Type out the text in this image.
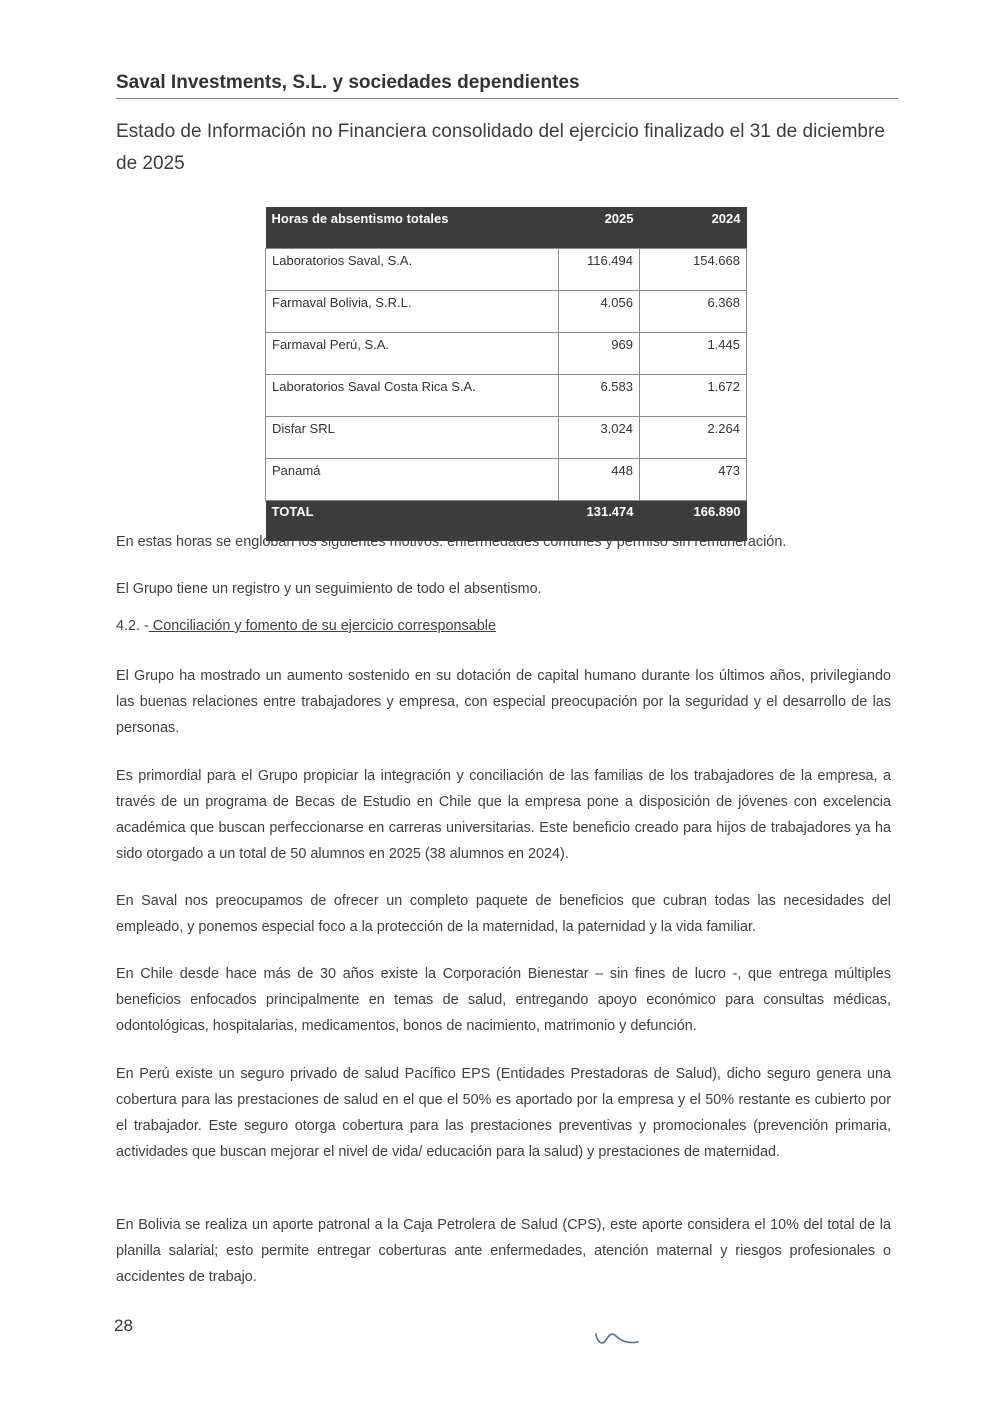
Saval Investments, S.L. y sociedades dependientes
Estado de Información no Financiera consolidado del ejercicio finalizado el 31 de diciembre de 2025
Horas de absentismo totales	2025	2024
Laboratorios Saval, S.A.	116.494	154.668
Farmaval Bolivia, S.R.L.	4.056	6.368
Farmaval Perú, S.A.	969	1.445
Laboratorios Saval Costa Rica S.A.	6.583	1.672
Disfar SRL	3.024	2.264
Panamá	448	473
TOTAL	131.474	166.890
En estas horas se engloban los siguientes motivos: enfermedades comunes y permiso sin remuneración.
El Grupo tiene un registro y un seguimiento de todo el absentismo.
4.2. - Conciliación y fomento de su ejercicio corresponsable
El Grupo ha mostrado un aumento sostenido en su dotación de capital humano durante los últimos años, privilegiando las buenas relaciones entre trabajadores y empresa, con especial preocupación por la seguridad y el desarrollo de las personas.
Es primordial para el Grupo propiciar la integración y conciliación de las familias de los trabajadores de la empresa, a través de un programa de Becas de Estudio en Chile que la empresa pone a disposición de jóvenes con excelencia académica que buscan perfeccionarse en carreras universitarias. Este beneficio creado para hijos de trabajadores ya ha sido otorgado a un total de 50 alumnos en 2025 (38 alumnos en 2024).
En Saval nos preocupamos de ofrecer un completo paquete de beneficios que cubran todas las necesidades del empleado, y ponemos especial foco a la protección de la maternidad, la paternidad y la vida familiar.
En Chile desde hace más de 30 años existe la Corporación Bienestar – sin fines de lucro -, que entrega múltiples beneficios enfocados principalmente en temas de salud, entregando apoyo económico para consultas médicas, odontológicas, hospitalarias, medicamentos, bonos de nacimiento, matrimonio y defunción.
En Perú existe un seguro privado de salud Pacífico EPS (Entidades Prestadoras de Salud), dicho seguro genera una cobertura para las prestaciones de salud en el que el 50% es aportado por la empresa y el 50% restante es cubierto por el trabajador. Este seguro otorga cobertura para las prestaciones preventivas y promocionales (prevención primaria, actividades que buscan mejorar el nivel de vida/ educación para la salud) y prestaciones de maternidad.
En Bolivia se realiza un aporte patronal a la Caja Petrolera de Salud (CPS), este aporte considera el 10% del total de la planilla salarial; esto permite entregar coberturas ante enfermedades, atención maternal y riesgos profesionales o accidentes de trabajo.
28
